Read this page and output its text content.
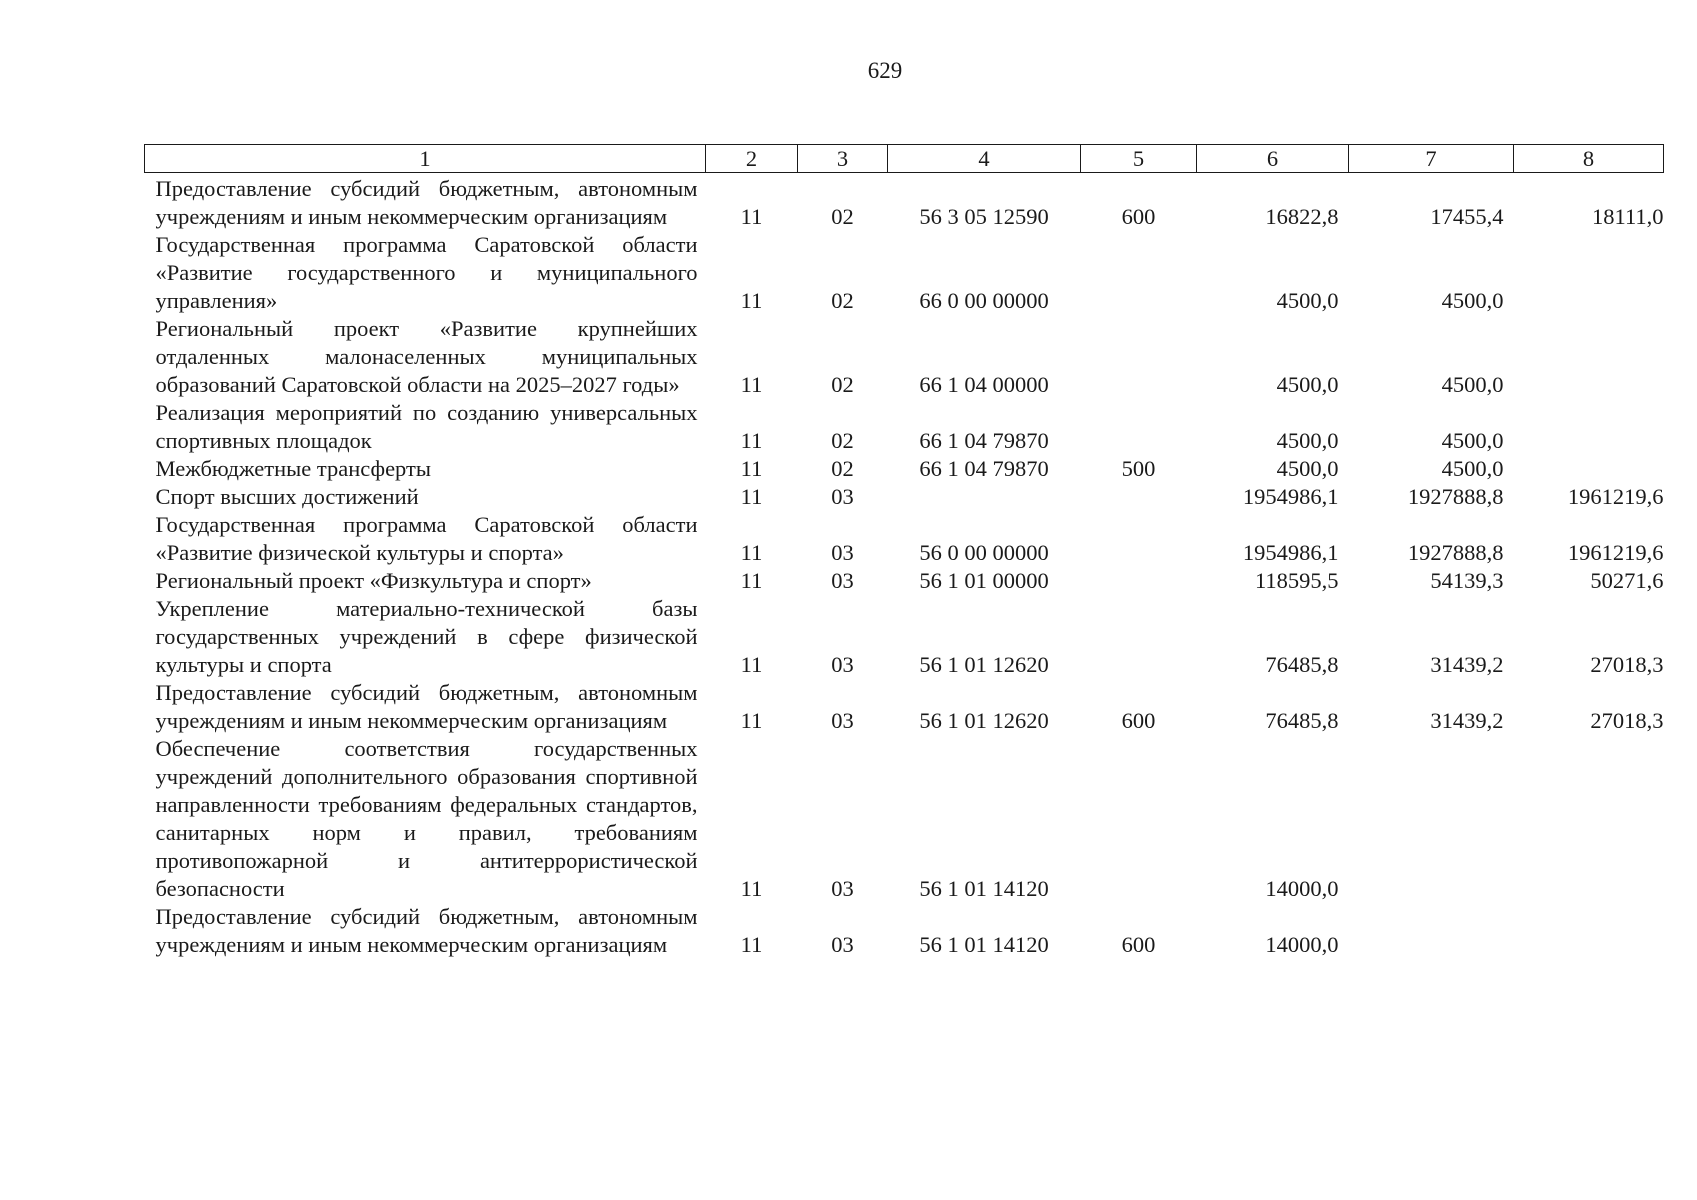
629
1	2	3	4	5	6	7	8
Предоставление субсидий бюджетным, автономным учреждениям и иным некоммерческим организациям	11	02	56 3 05 12590	600	16822,8	17455,4	18111,0
Государственная программа Саратовской области «Развитие государственного и муниципального управления»	11	02	66 0 00 00000		4500,0	4500,0	
Региональный проект «Развитие крупнейших отдаленных малонаселенных муниципальных образований Саратовской области на 2025–2027 годы»	11	02	66 1 04 00000		4500,0	4500,0	
Реализация мероприятий по созданию универсальных спортивных площадок	11	02	66 1 04 79870		4500,0	4500,0	
Межбюджетные трансферты	11	02	66 1 04 79870	500	4500,0	4500,0	
Спорт высших достижений	11	03			1954986,1	1927888,8	1961219,6
Государственная программа Саратовской области «Развитие физической культуры и спорта»	11	03	56 0 00 00000		1954986,1	1927888,8	1961219,6
Региональный проект «Физкультура и спорт»	11	03	56 1 01 00000		118595,5	54139,3	50271,6
Укрепление материально-технической базы государственных учреждений в сфере физической культуры и спорта	11	03	56 1 01 12620		76485,8	31439,2	27018,3
Предоставление субсидий бюджетным, автономным учреждениям и иным некоммерческим организациям	11	03	56 1 01 12620	600	76485,8	31439,2	27018,3
Обеспечение соответствия государственных учреждений дополнительного образования спортивной направленности требованиям федеральных стандартов, санитарных норм и правил, требованиям противопожарной и антитеррористической безопасности	11	03	56 1 01 14120		14000,0		
Предоставление субсидий бюджетным, автономным учреждениям и иным некоммерческим организациям	11	03	56 1 01 14120	600	14000,0		
